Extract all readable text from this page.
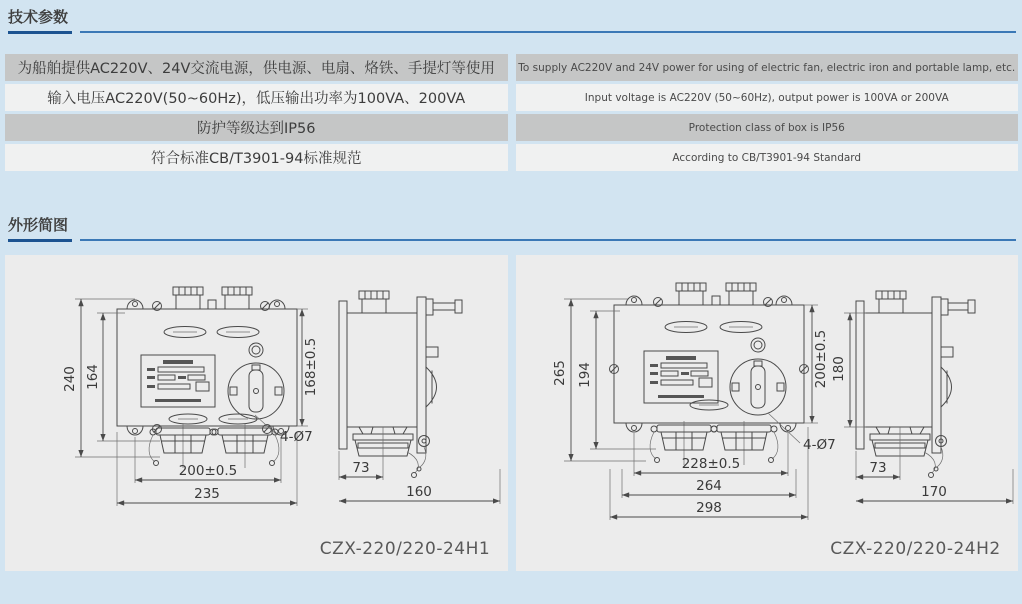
技术参数
为船舶提供AC220V、24V交流电源，供电源、电扇、烙铁、手提灯等使用	To supply AC220V and 24V power for using of electric fan, electric iron and portable lamp, etc.
输入电压AC220V(50~60Hz)，低压输出功率为100VA、200VA	Input voltage is AC220V (50~60Hz), output power is 100VA or 200VA
防护等级达到IP56	Protection class of box is IP56
符合标准CB/T3901-94标准规范	According to CB/T3901-94 Standard
外形简图
240 164	168±0.5
200±0.5
235
4-Ø7
73
160
CZX-220/220-24H1
265 194	200±0.5
228±0.5
264
298
4-Ø7
180
73
170
CZX-220/220-24H2
